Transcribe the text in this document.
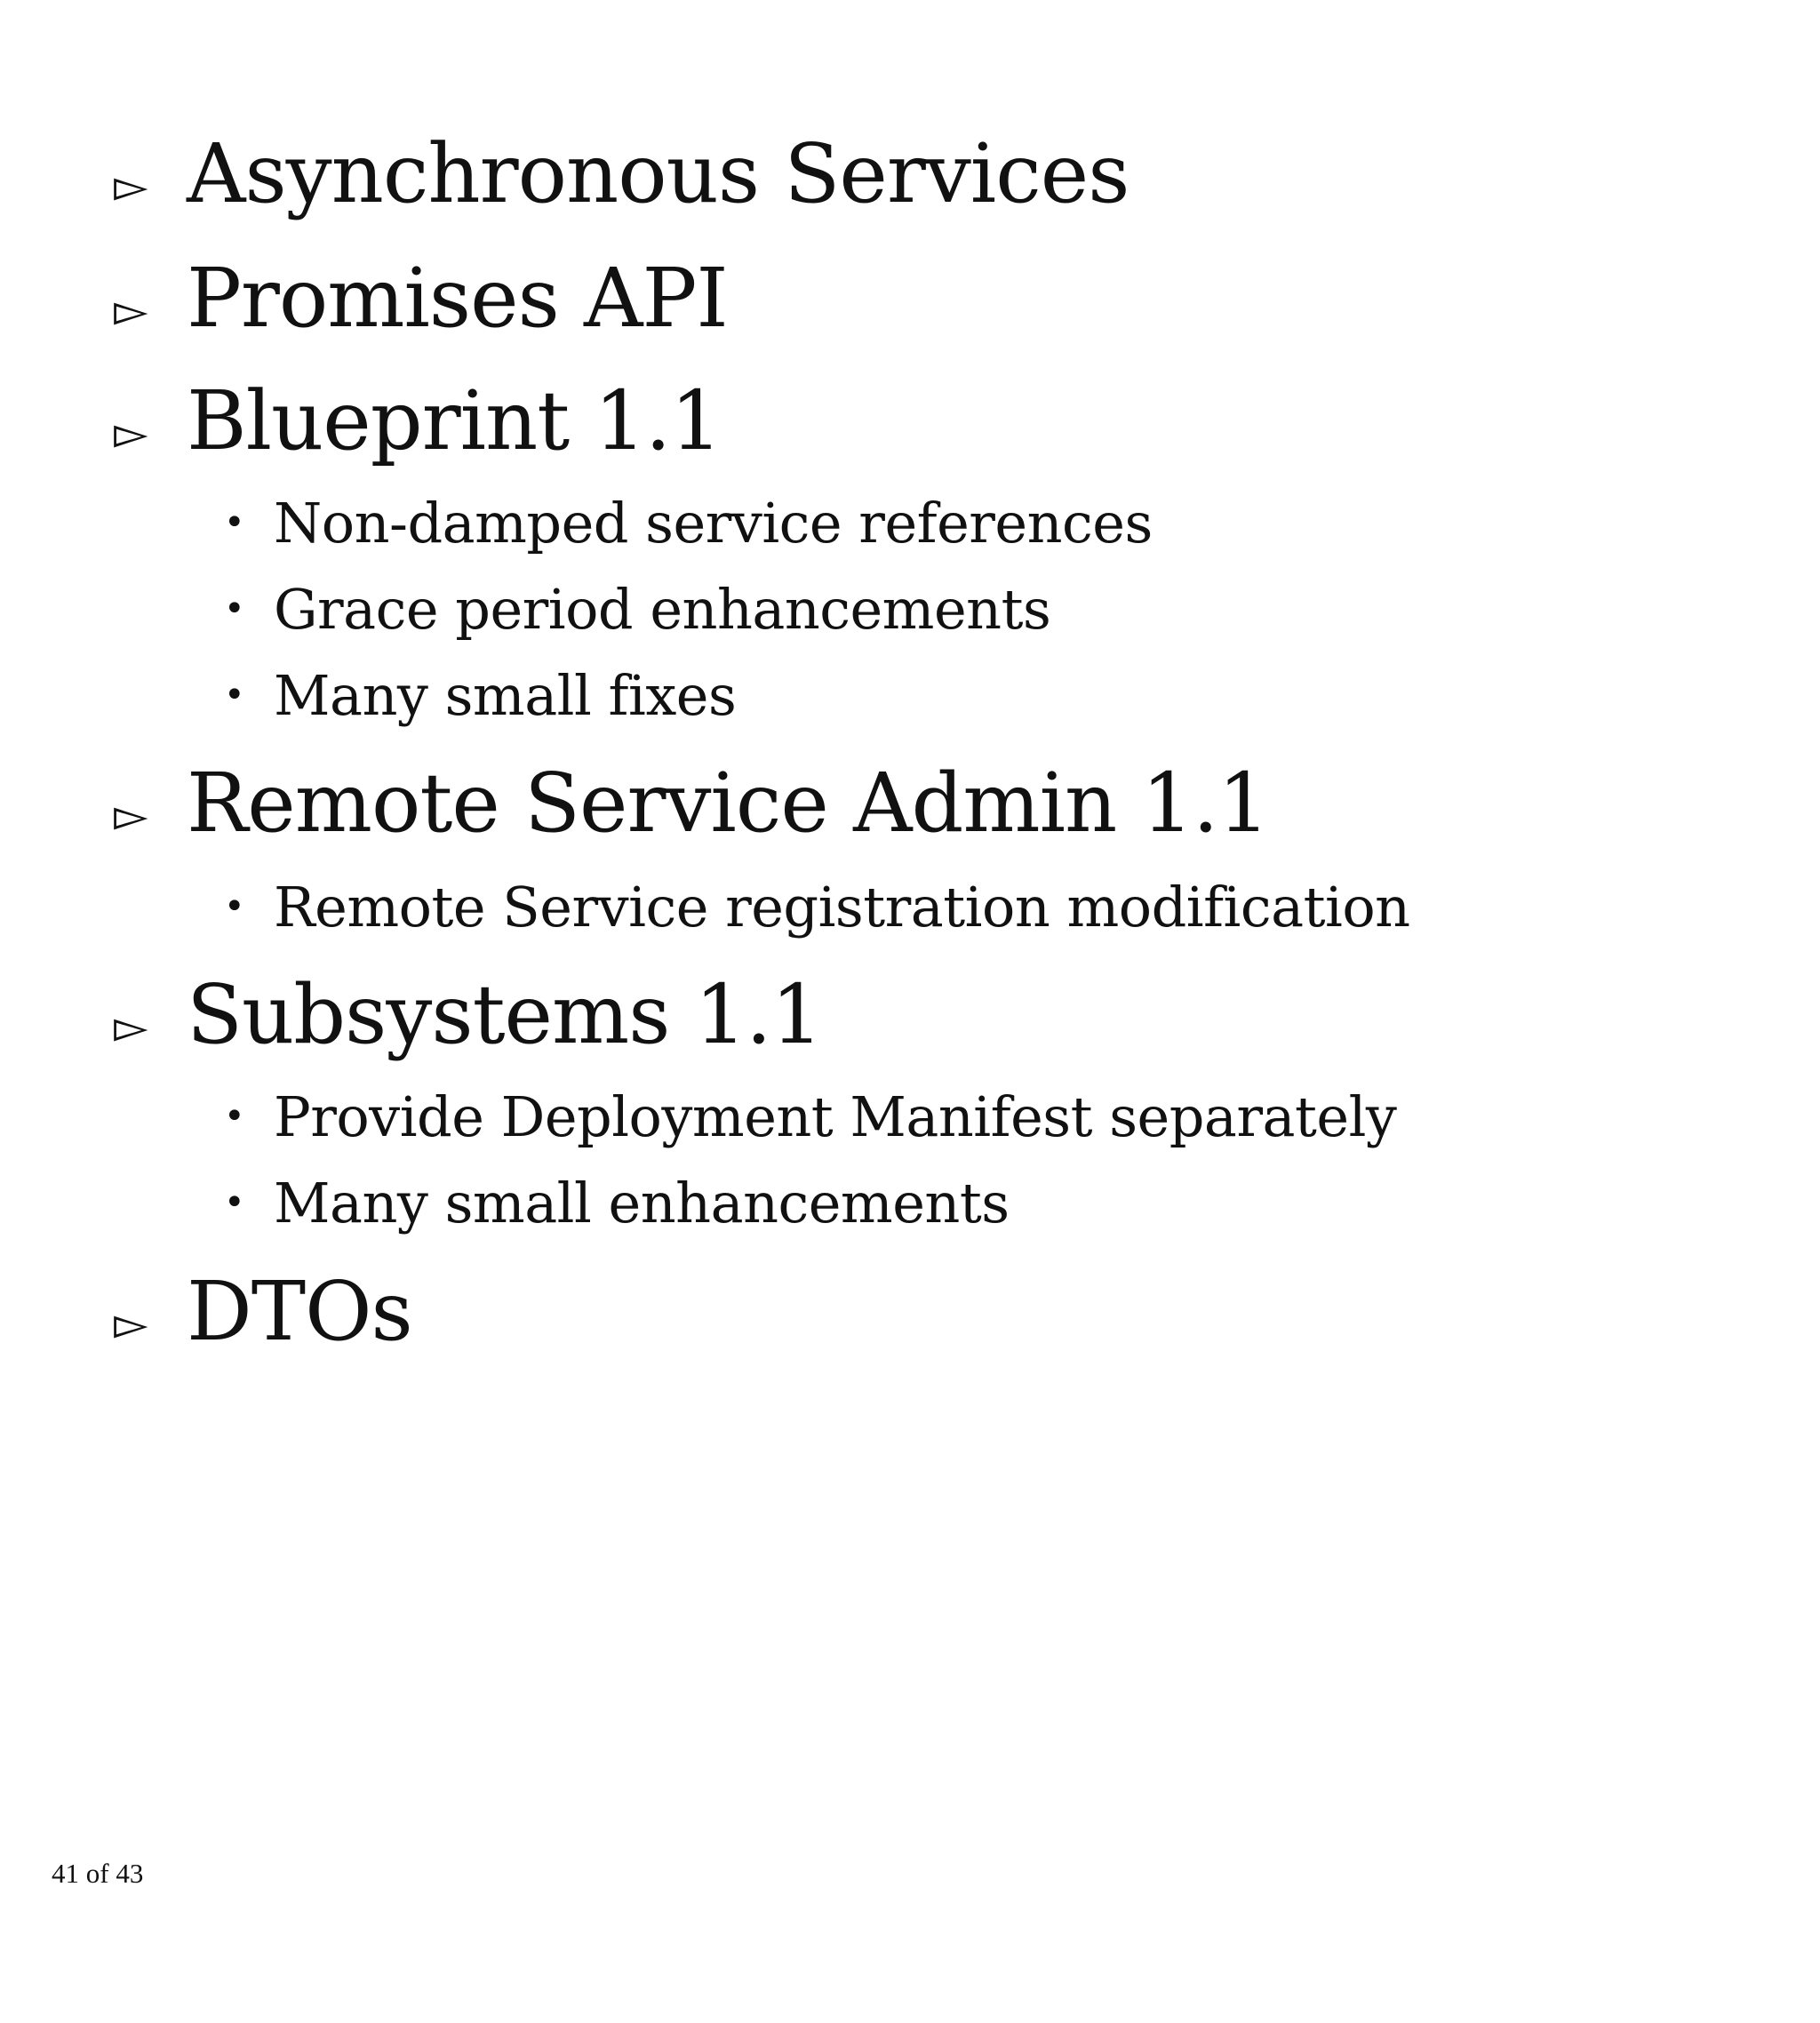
▻ Asynchronous Services
▻ Promises API
▻ Blueprint 1.1
• Non-damped service references
• Grace period enhancements
• Many small fixes
▻ Remote Service Admin 1.1
• Remote Service registration modification
▻ Subsystems 1.1
• Provide Deployment Manifest separately
• Many small enhancements
▻ DTOs
41 of 43
